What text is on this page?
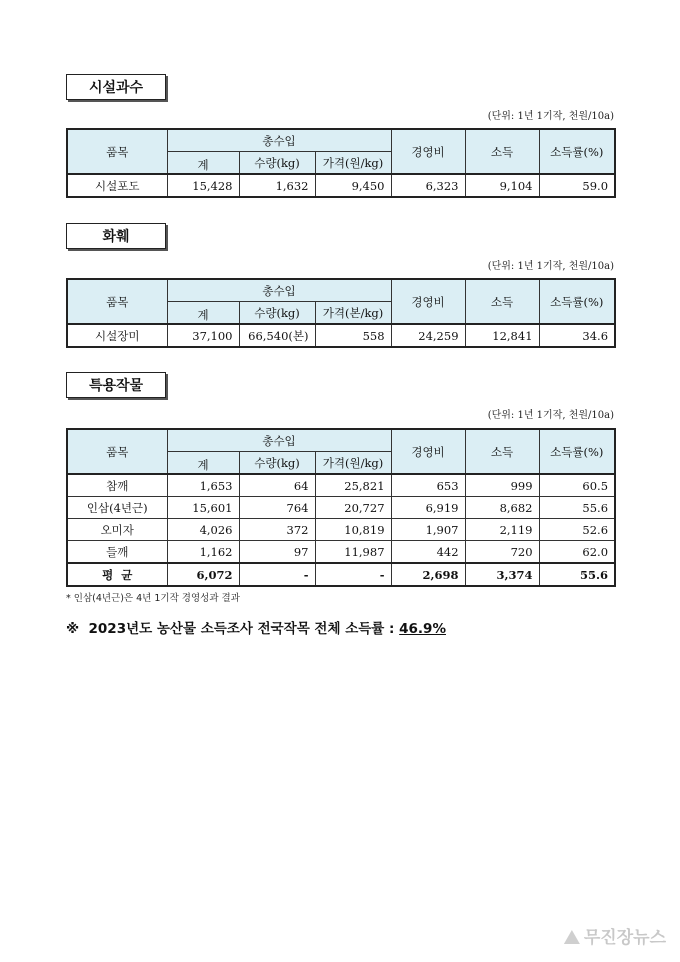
시설과수
(단위: 1년 1기작, 천원/10a)
품목	총수입			경영비	소득	소득률(%)
	계	수량(kg)	가격(원/kg)			
시설포도	15,428	1,632	9,450	6,323	9,104	59.0
화훼
(단위: 1년 1기작, 천원/10a)
품목	총수입			경영비	소득	소득률(%)
	계	수량(kg)	가격(본/kg)			
시설장미	37,100	66,540(본)	558	24,259	12,841	34.6
특용작물
(단위: 1년 1기작, 천원/10a)
품목	총수입			경영비	소득	소득률(%)
	계	수량(kg)	가격(원/kg)			
참깨	1,653	64	25,821	653	999	60.5
인삼(4년근)	15,601	764	20,727	6,919	8,682	55.6
오미자	4,026	372	10,819	1,907	2,119	52.6
들깨	1,162	97	11,987	442	720	62.0
평  균	6,072	-	-	2,698	3,374	55.6
* 인삼(4년근)은 4년 1기작 경영성과 결과
※  2023년도 농산물 소득조사 전국작목 전체 소득률 : 46.9%
무진장뉴스
